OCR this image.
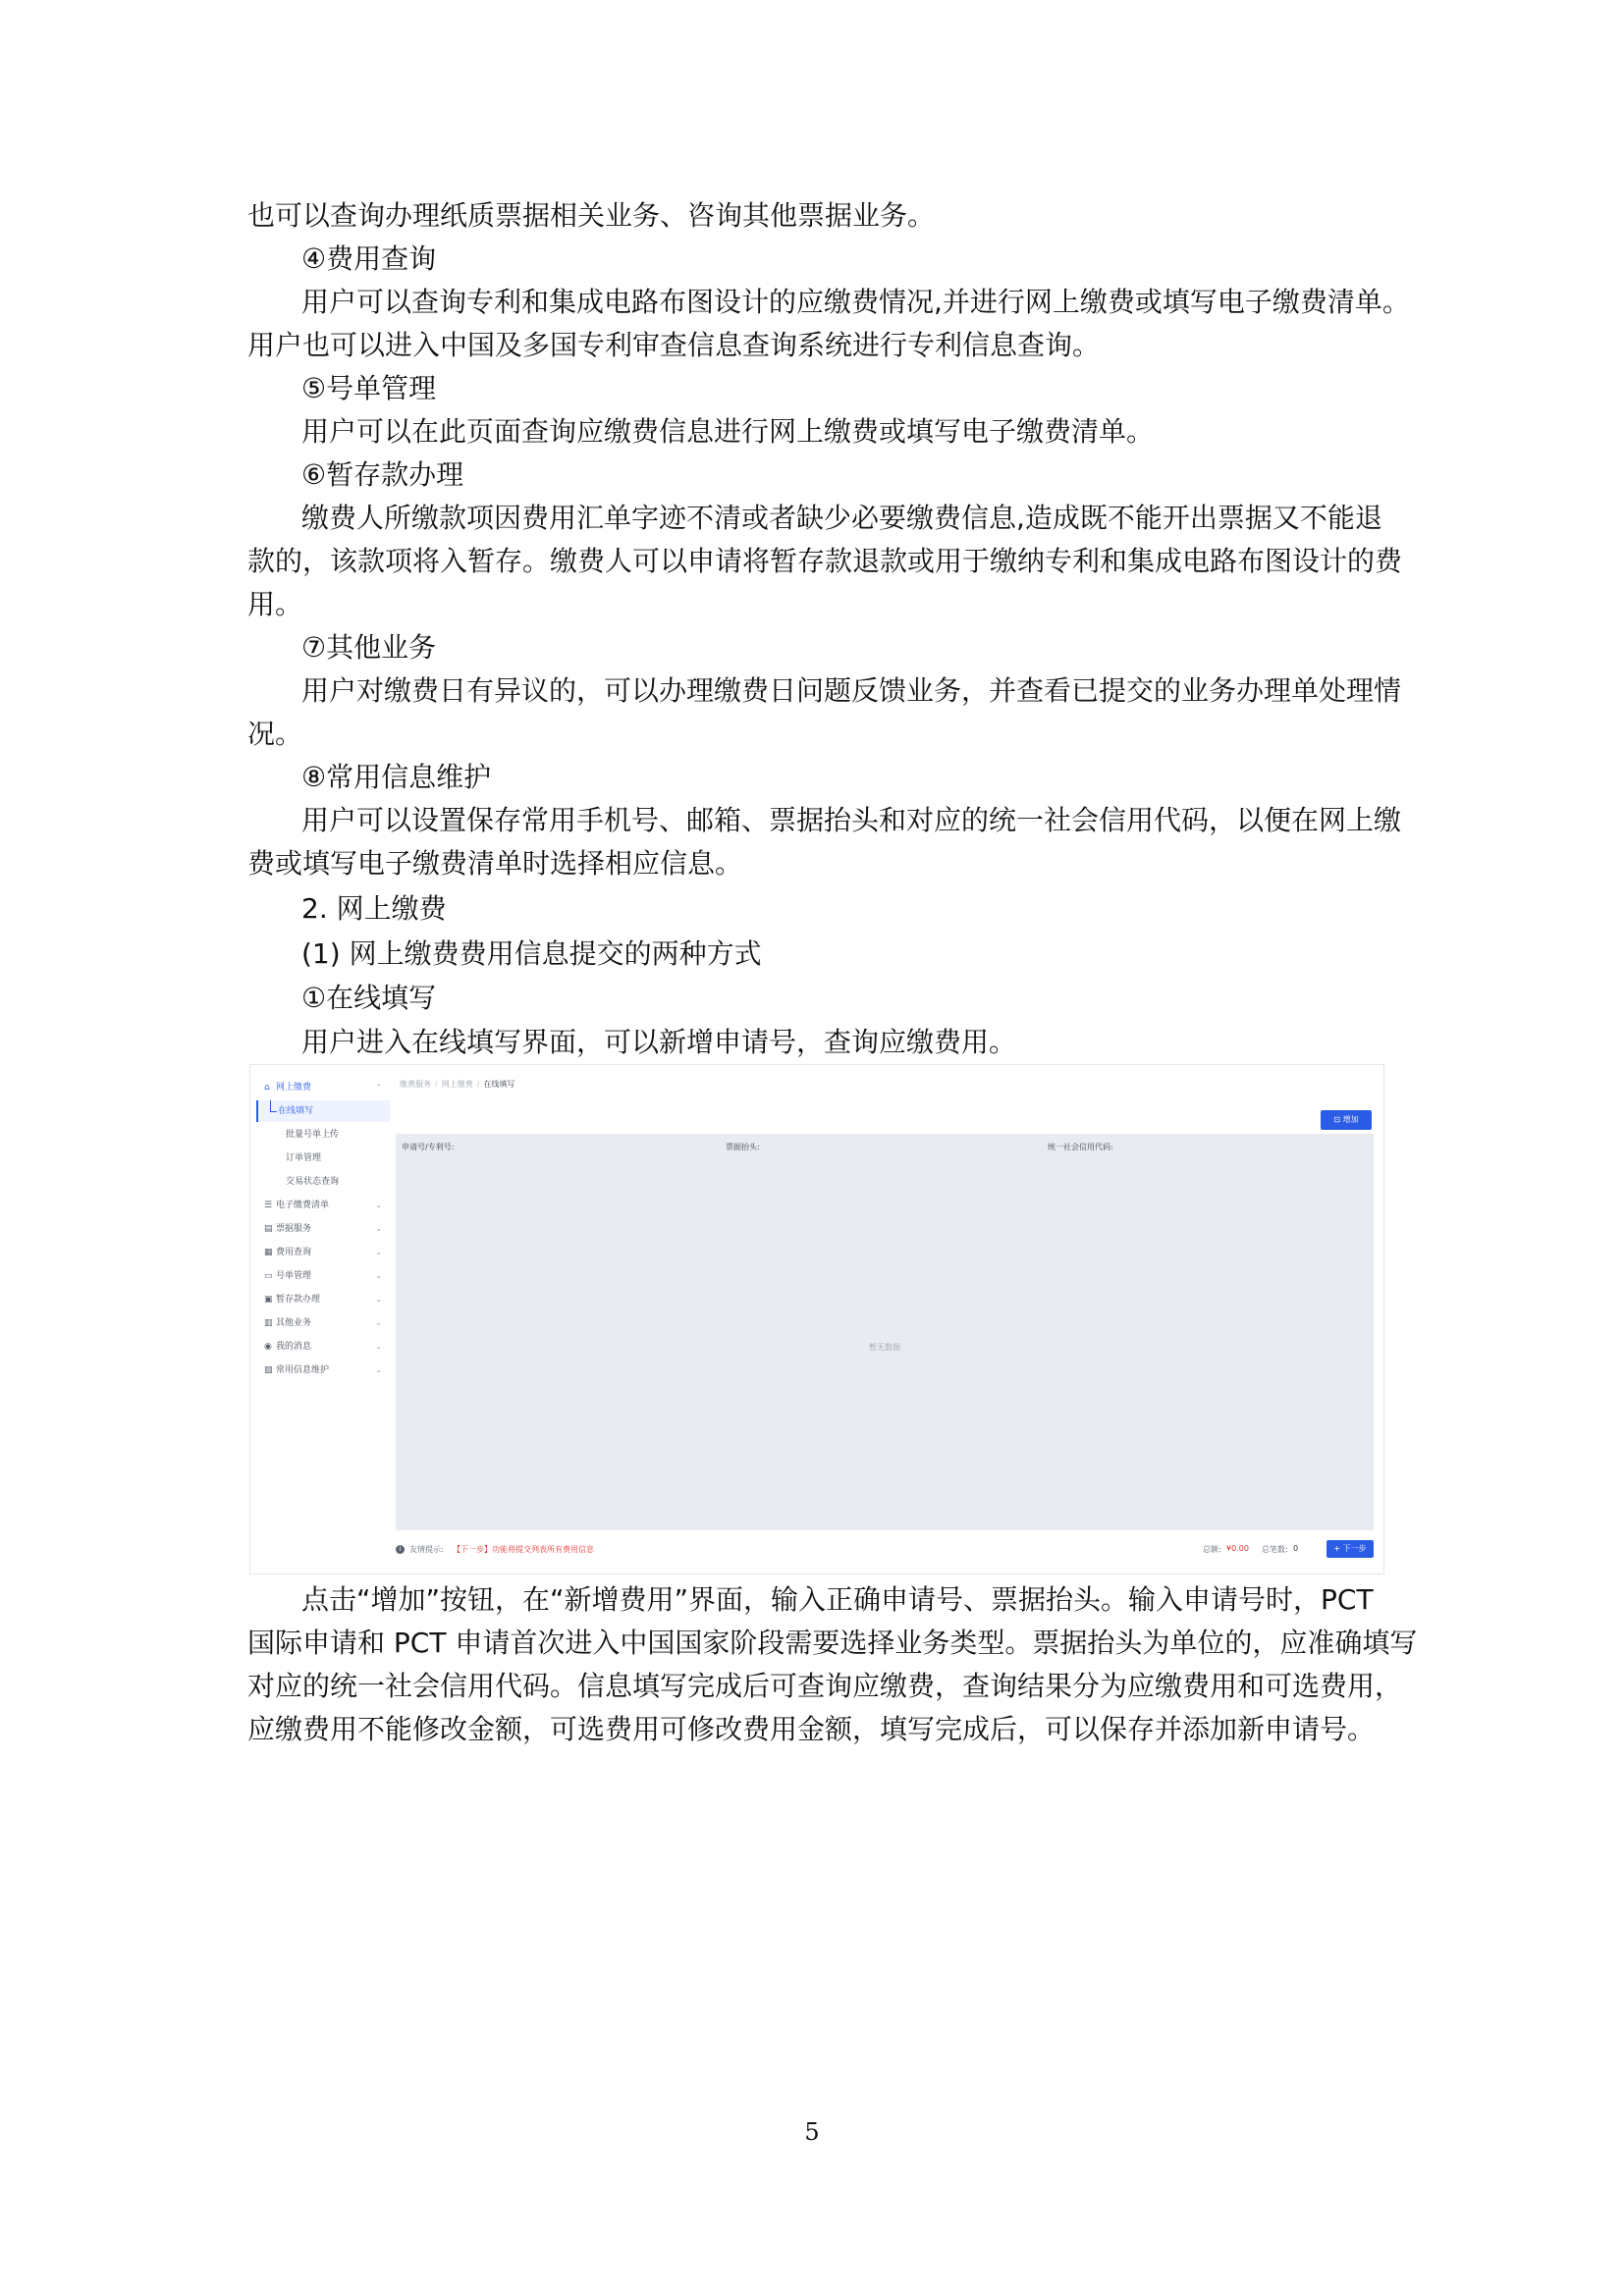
也可以查询办理纸质票据相关业务、咨询其他票据业务。

④费用查询

用户可以查询专利和集成电路布图设计的应缴费情况,并进行网上缴费或填写电子缴费清单。

用户也可以进入中国及多国专利审查信息查询系统进行专利信息查询。

⑤号单管理

用户可以在此页面查询应缴费信息进行网上缴费或填写电子缴费清单。

⑥暂存款办理

缴费人所缴款项因费用汇单字迹不清或者缺少必要缴费信息,造成既不能开出票据又不能退

款的，该款项将入暂存。缴费人可以申请将暂存款退款或用于缴纳专利和集成电路布图设计的费

用。

⑦其他业务

用户对缴费日有异议的，可以办理缴费日问题反馈业务，并查看已提交的业务办理单处理情

况。

⑧常用信息维护

用户可以设置保存常用手机号、邮箱、票据抬头和对应的统一社会信用代码，以便在网上缴

费或填写电子缴费清单时选择相应信息。

2. 网上缴费

(1) 网上缴费费用信息提交的两种方式

①在线填写

用户进入在线填写界面，可以新增申请号，查询应缴费用。

⌂ 网上缴费	⌃
在线填写
批量号单上传
订单管理
交易状态查询
☰ 电子缴费清单	⌄
▤ 票据服务	⌄
▦ 费用查询	⌄
▭ 号单管理	⌄
▣ 暂存款办理	⌄
▥ 其他业务	⌄
◉ 我的消息	⌄
▧ 常用信息维护	⌄
缴费服务 / 网上缴费 / 在线填写
⊡ 增加
申请号/专利号:	票据抬头:	统一社会信用代码:
暂无数据
i	友情提示: 【下一步】功能将提交列表所有费用信息	总额: ¥0.00 总笔数: 0	+ 下一步

点击“增加”按钮，在“新增费用”界面，输入正确申请号、票据抬头。输入申请号时，PCT

国际申请和 PCT 申请首次进入中国国家阶段需要选择业务类型。票据抬头为单位的，应准确填写

对应的统一社会信用代码。信息填写完成后可查询应缴费，查询结果分为应缴费用和可选费用，

应缴费用不能修改金额，可选费用可修改费用金额，填写完成后，可以保存并添加新申请号。

5
